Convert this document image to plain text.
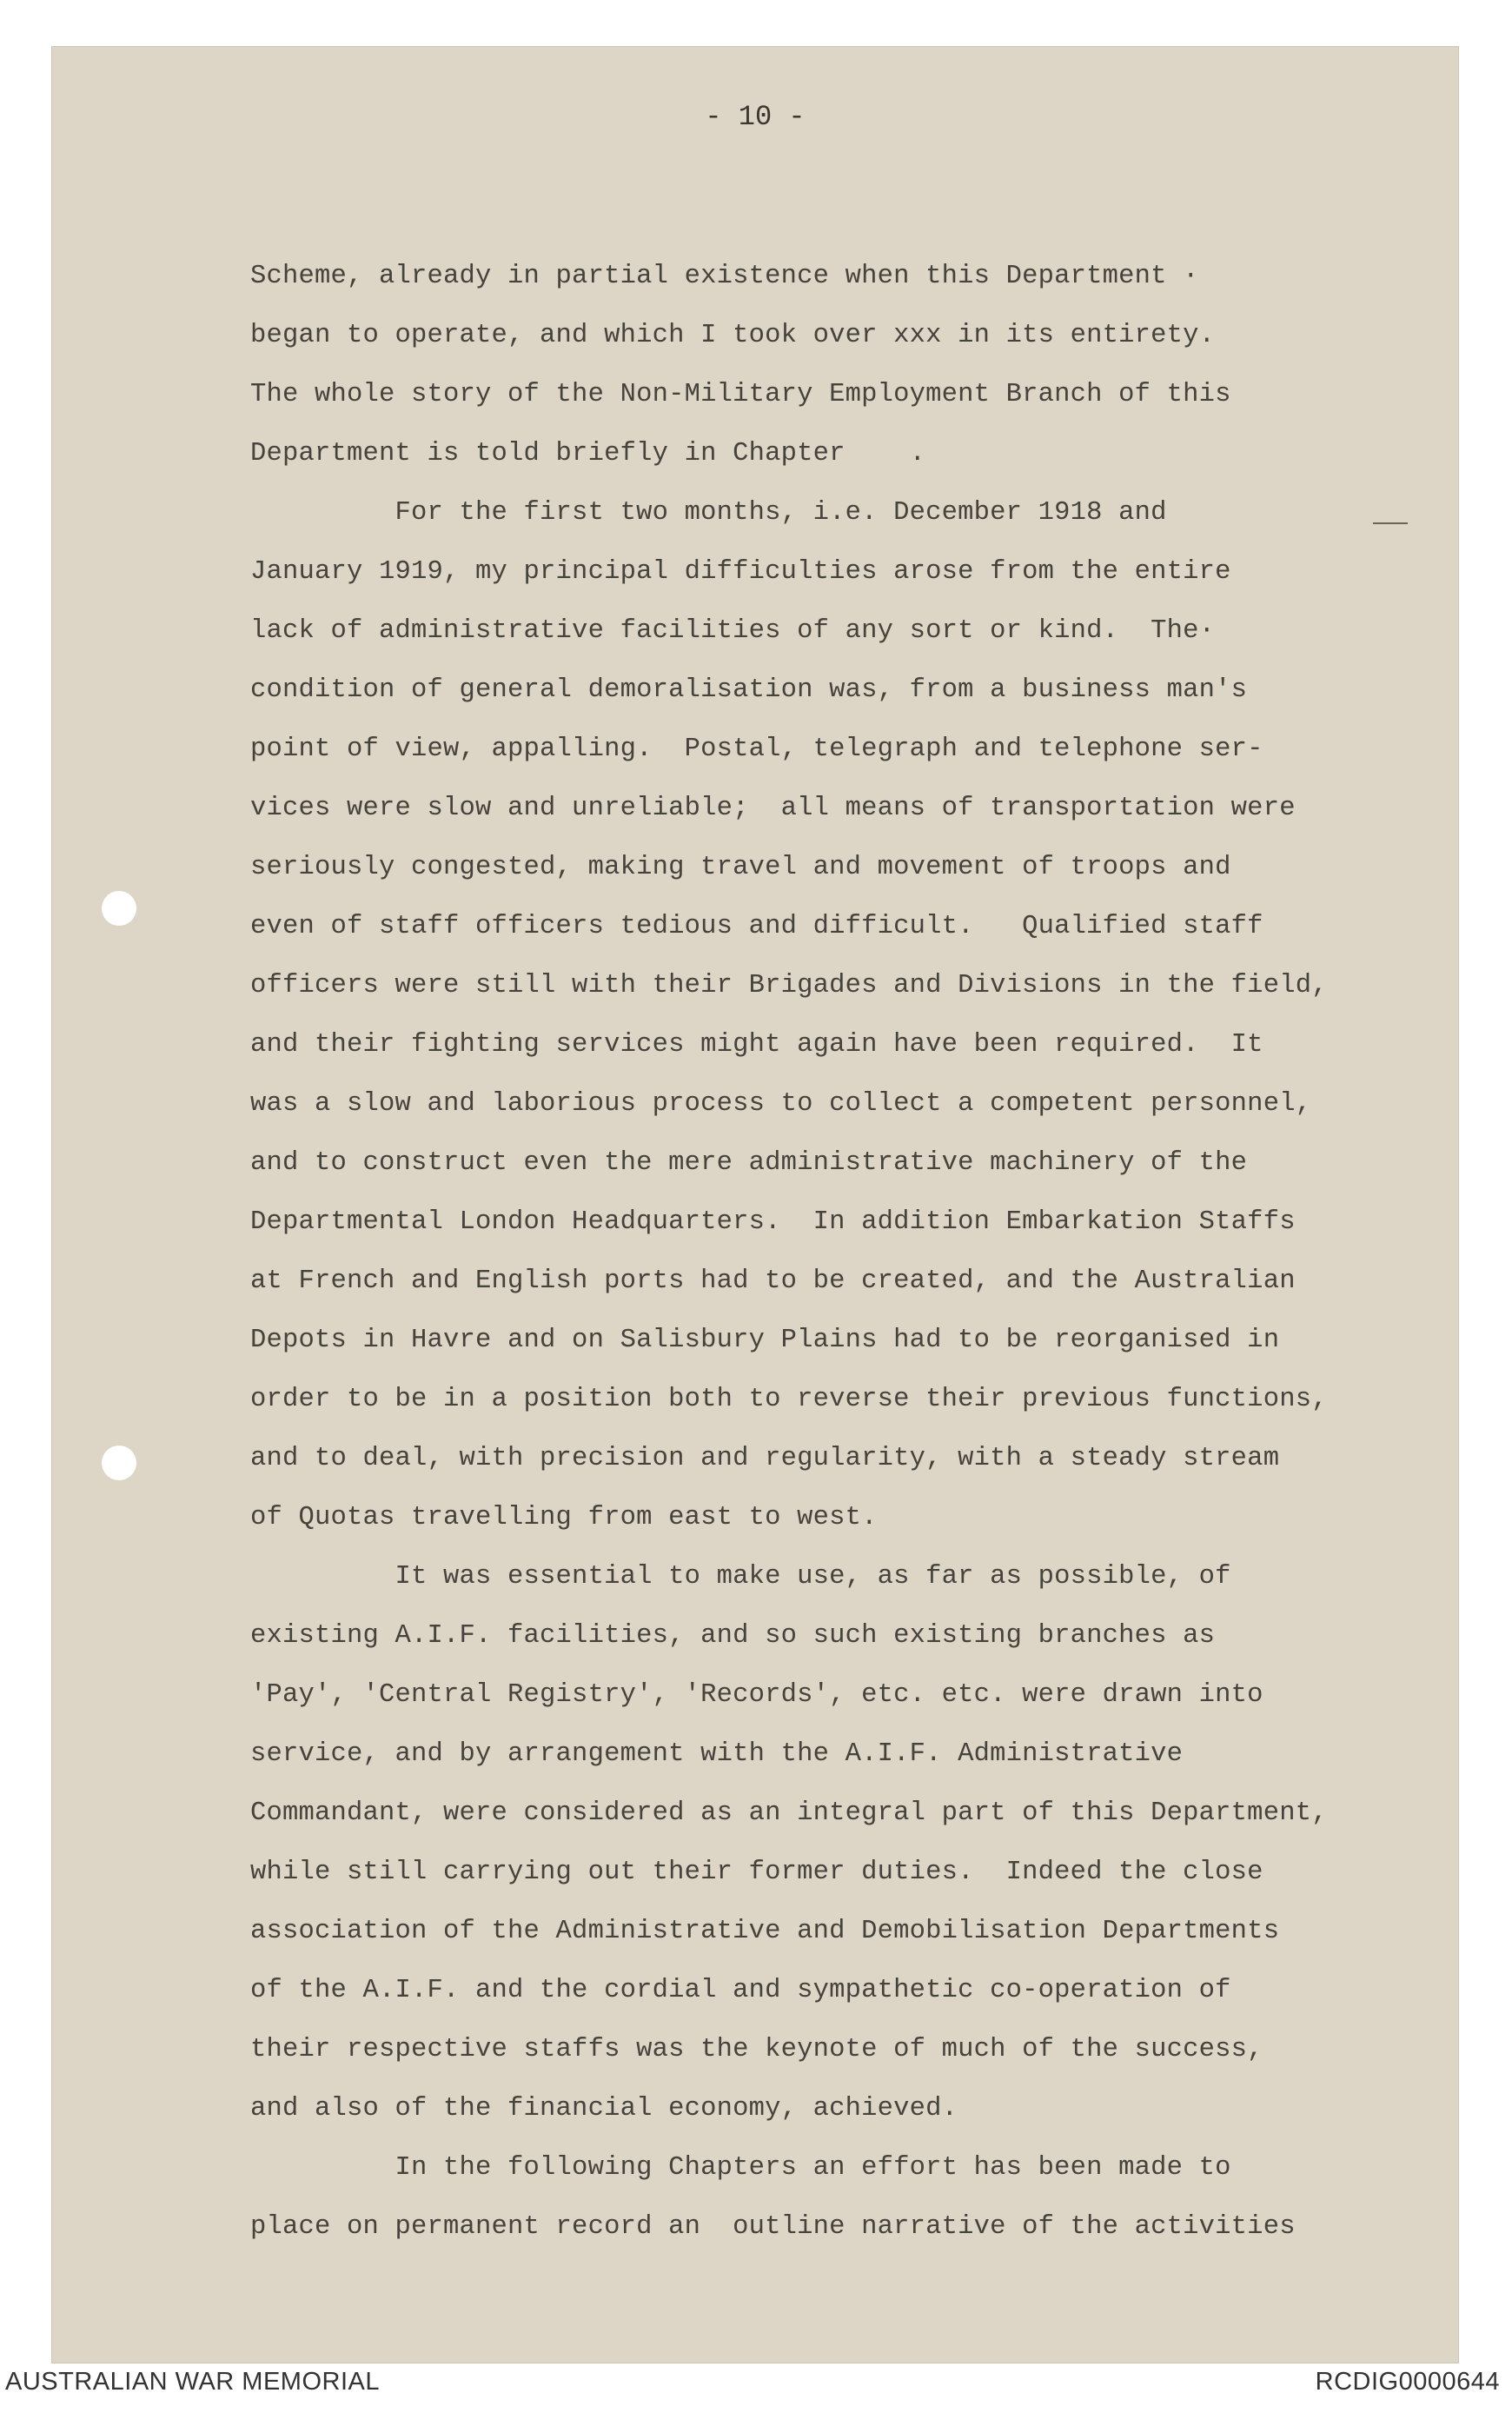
- 10 -
Scheme, already in partial existence when this Department ·
began to operate, and which I took over xxx in its entirety.
The whole story of the Non-Military Employment Branch of this
Department is told briefly in Chapter    .
For the first two months, i.e. December 1918 and
January 1919, my principal difficulties arose from the entire
lack of administrative facilities of any sort or kind.  The·
condition of general demoralisation was, from a business man's
point of view, appalling.  Postal, telegraph and telephone ser-
vices were slow and unreliable;  all means of transportation were
seriously congested, making travel and movement of troops and
even of staff officers tedious and difficult.   Qualified staff
officers were still with their Brigades and Divisions in the field,
and their fighting services might again have been required.  It
was a slow and laborious process to collect a competent personnel,
and to construct even the mere administrative machinery of the
Departmental London Headquarters.  In addition Embarkation Staffs
at French and English ports had to be created, and the Australian
Depots in Havre and on Salisbury Plains had to be reorganised in
order to be in a position both to reverse their previous functions,
and to deal, with precision and regularity, with a steady stream
of Quotas travelling from east to west.
It was essential to make use, as far as possible, of
existing A.I.F. facilities, and so such existing branches as
'Pay', 'Central Registry', 'Records', etc. etc. were drawn into
service, and by arrangement with the A.I.F. Administrative
Commandant, were considered as an integral part of this Department,
while still carrying out their former duties.  Indeed the close
association of the Administrative and Demobilisation Departments
of the A.I.F. and the cordial and sympathetic co-operation of
their respective staffs was the keynote of much of the success,
and also of the financial economy, achieved.
In the following Chapters an effort has been made to
place on permanent record an  outline narrative of the activities
AUSTRALIAN WAR MEMORIAL	RCDIG0000644
